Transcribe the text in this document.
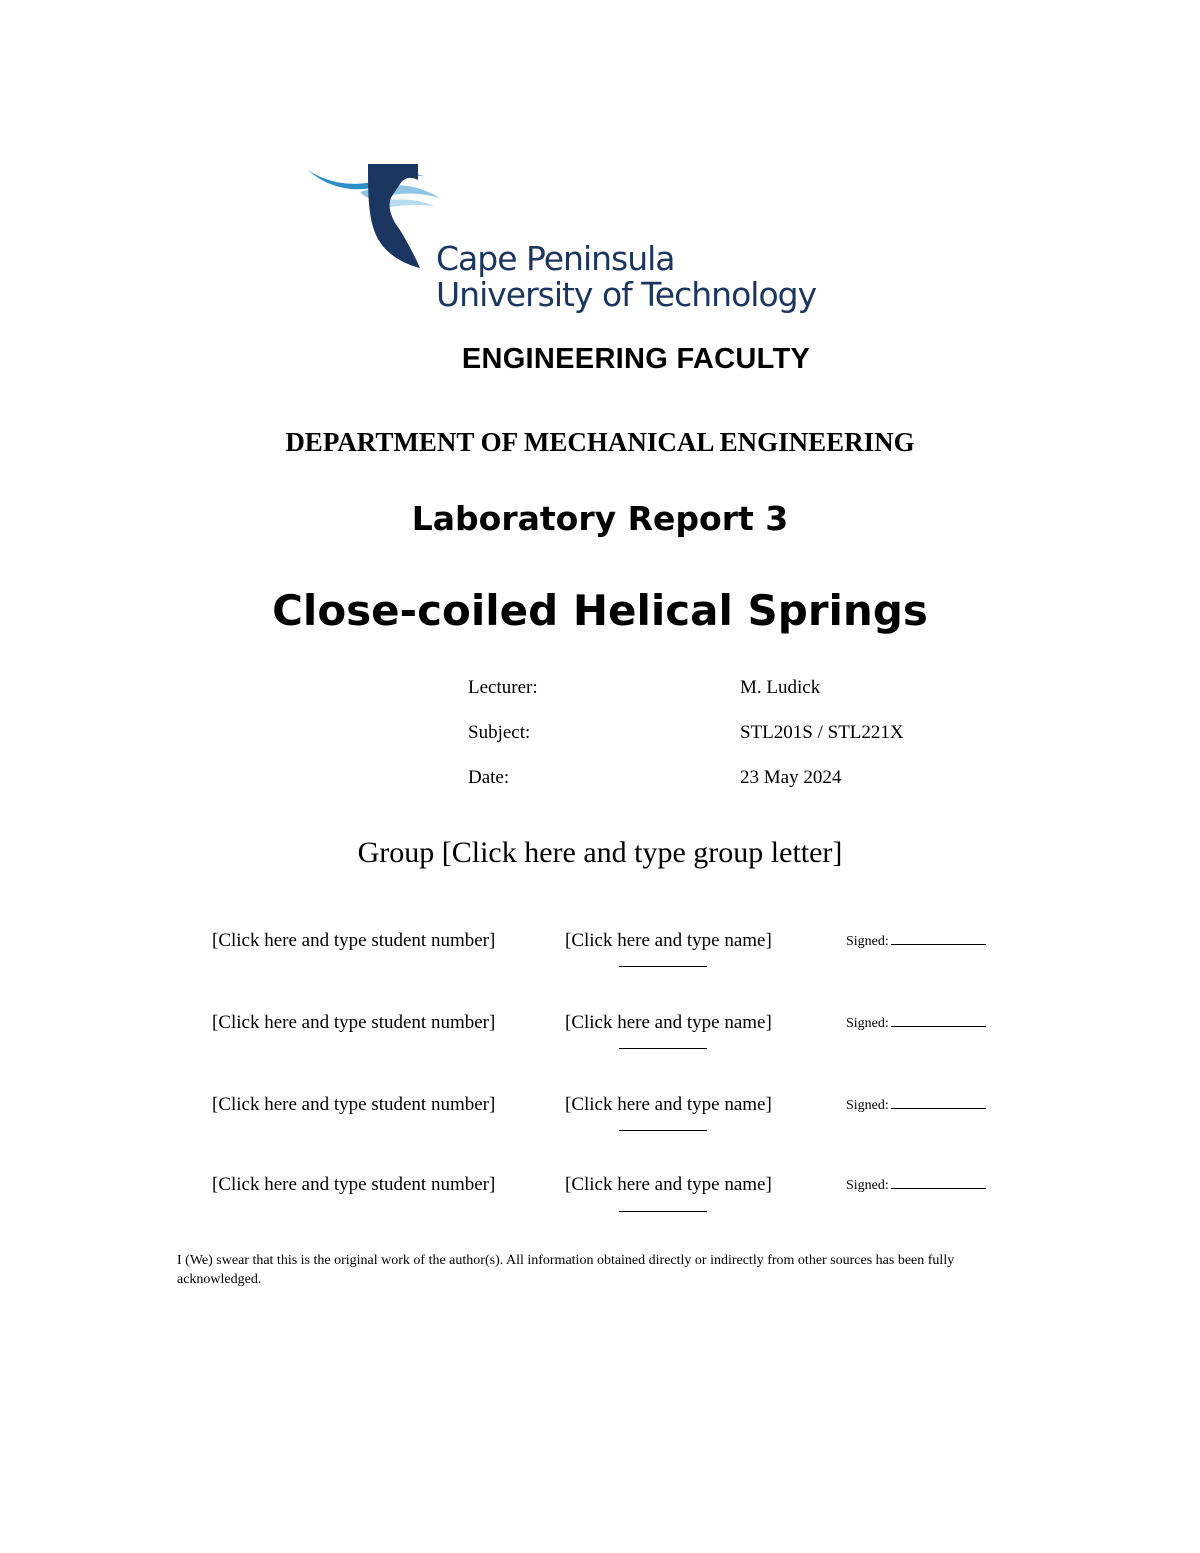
Cape Peninsula
University of Technology
ENGINEERING FACULTY
DEPARTMENT OF MECHANICAL ENGINEERING
Laboratory Report 3
Close-coiled Helical Springs
Lecturer:	M. Ludick
Subject:	STL201S / STL221X
Date:	23 May 2024
Group [Click here and type group letter]
[Click here and type student number]	[Click here and type name]	Signed:
[Click here and type student number]	[Click here and type name]	Signed:
[Click here and type student number]	[Click here and type name]	Signed:
[Click here and type student number]	[Click here and type name]	Signed:
I (We) swear that this is the original work of the author(s). All information obtained directly or indirectly from other sources has been fully acknowledged.
